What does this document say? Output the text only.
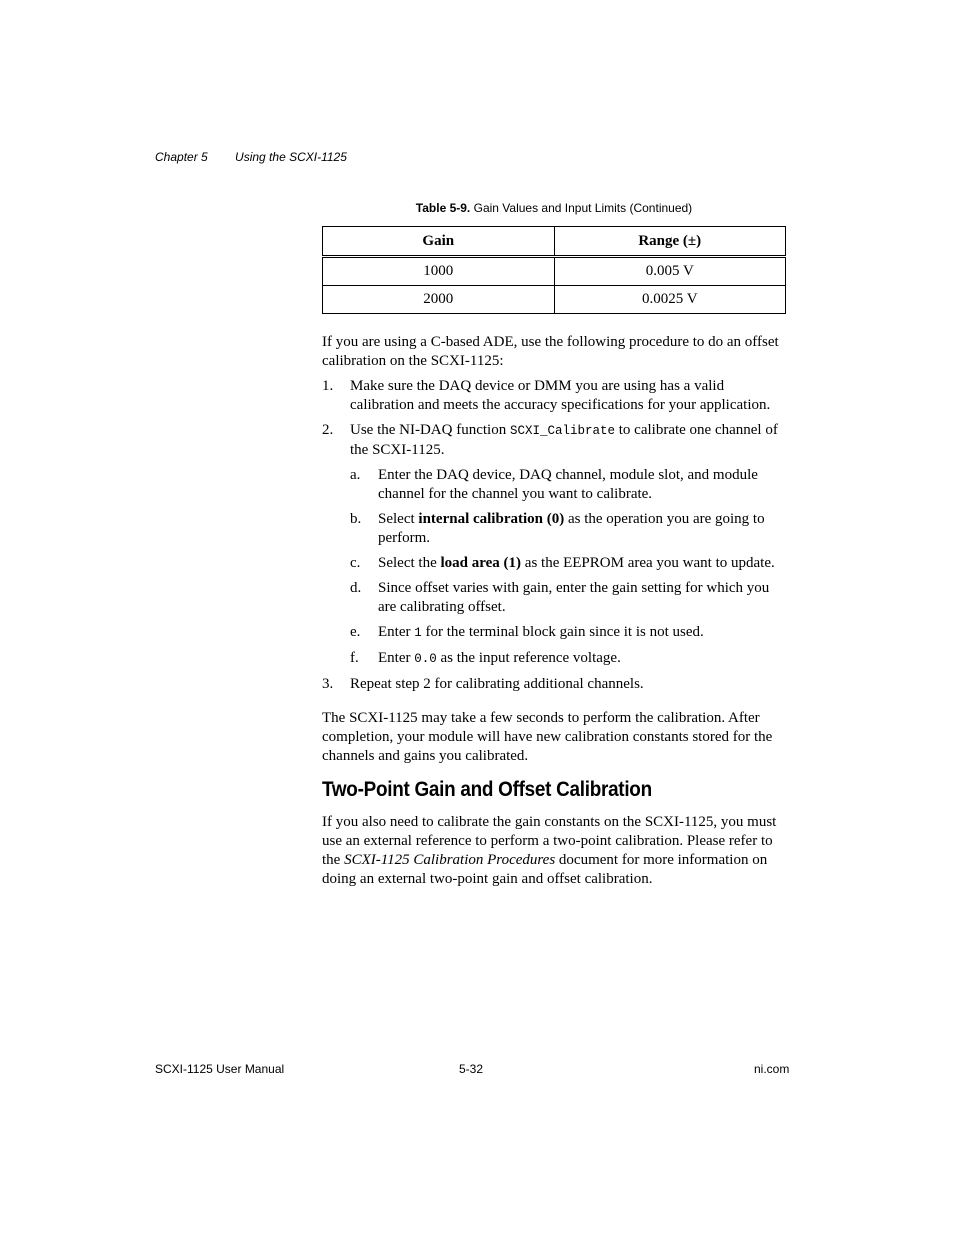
Chapter 5 Using the SCXI-1125
Table 5-9. Gain Values and Input Limits (Continued)
Gain	Range (±)
1000	0.005 V
2000	0.0025 V

If you are using a C-based ADE, use the following procedure to do an offset calibration on the SCXI-1125:

1. Make sure the DAQ device or DMM you are using has a valid calibration and meets the accuracy specifications for your application.
2. Use the NI-DAQ function SCXI_Calibrate to calibrate one channel of the SCXI-1125.
a. Enter the DAQ device, DAQ channel, module slot, and module channel for the channel you want to calibrate.
b. Select internal calibration (0) as the operation you are going to perform.
c. Select the load area (1) as the EEPROM area you want to update.
d. Since offset varies with gain, enter the gain setting for which you are calibrating offset.
e. Enter 1 for the terminal block gain since it is not used.
f. Enter 0.0 as the input reference voltage.
3. Repeat step 2 for calibrating additional channels.

The SCXI-1125 may take a few seconds to perform the calibration. After completion, your module will have new calibration constants stored for the channels and gains you calibrated.

Two-Point Gain and Offset Calibration

If you also need to calibrate the gain constants on the SCXI-1125, you must use an external reference to perform a two-point calibration. Please refer to the SCXI-1125 Calibration Procedures document for more information on doing an external two-point gain and offset calibration.

SCXI-1125 User Manual	5-32	ni.com
